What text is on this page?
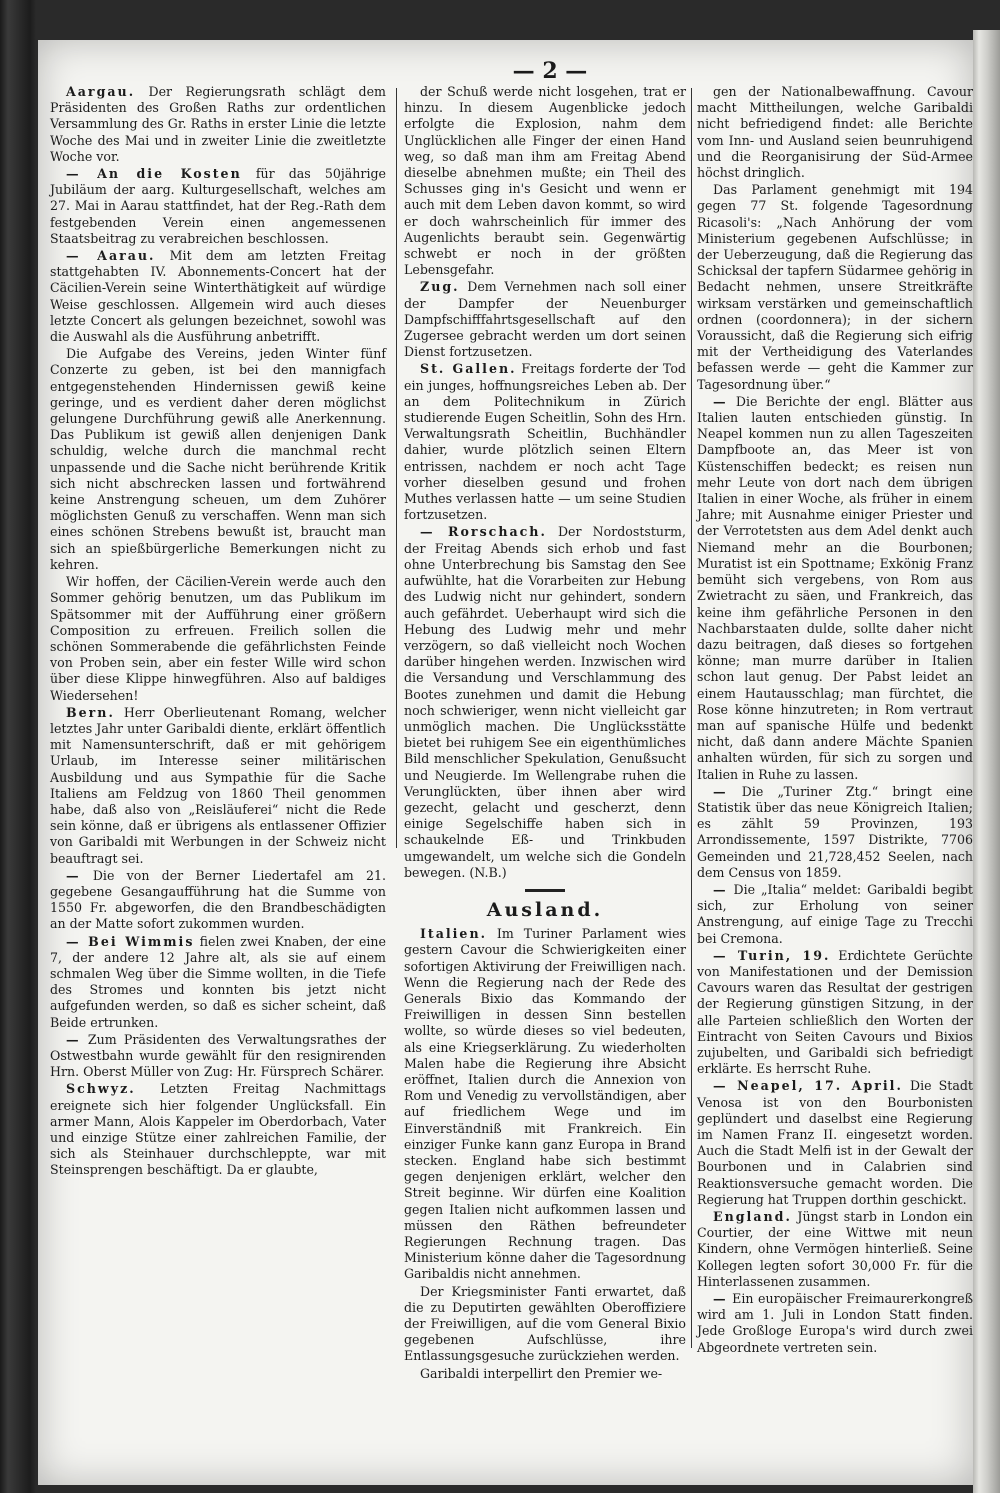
— 2 —

Aargau. Der Regierungsrath schlägt dem Präsidenten des Großen Raths zur ordentlichen Versammlung des Gr. Raths in erster Linie die letzte Woche des Mai und in zweiter Linie die zweitletzte Woche vor.

— An die Kosten für das 50jährige Jubiläum der aarg. Kulturgesellschaft, welches am 27. Mai in Aarau stattfindet, hat der Reg.-Rath dem festgebenden Verein einen angemessenen Staatsbeitrag zu verabreichen beschlossen.

— Aarau. Mit dem am letzten Freitag stattgehabten IV. Abonnements-Concert hat der Cäcilien-Verein seine Winterthätigkeit auf würdige Weise geschlossen. Allgemein wird auch dieses letzte Concert als gelungen bezeichnet, sowohl was die Auswahl als die Ausführung anbetrifft.

Die Aufgabe des Vereins, jeden Winter fünf Conzerte zu geben, ist bei den mannigfach entgegenstehenden Hindernissen gewiß keine geringe, und es verdient daher deren möglichst gelungene Durchführung gewiß alle Anerkennung. Das Publikum ist gewiß allen denjenigen Dank schuldig, welche durch die manchmal recht unpassende und die Sache nicht berührende Kritik sich nicht abschrecken lassen und fortwährend keine Anstrengung scheuen, um dem Zuhörer möglichsten Genuß zu verschaffen. Wenn man sich eines schönen Strebens bewußt ist, braucht man sich an spießbürgerliche Bemerkungen nicht zu kehren.

Wir hoffen, der Cäcilien-Verein werde auch den Sommer gehörig benutzen, um das Publikum im Spätsommer mit der Aufführung einer größern Composition zu erfreuen. Freilich sollen die schönen Sommerabende die gefährlichsten Feinde von Proben sein, aber ein fester Wille wird schon über diese Klippe hinwegführen. Also auf baldiges Wiedersehen!

Bern. Herr Oberlieutenant Romang, welcher letztes Jahr unter Garibaldi diente, erklärt öffentlich mit Namensunterschrift, daß er mit gehörigem Urlaub, im Interesse seiner militärischen Ausbildung und aus Sympathie für die Sache Italiens am Feldzug von 1860 Theil genommen habe, daß also von „Reisläuferei“ nicht die Rede sein könne, daß er übrigens als entlassener Offizier von Garibaldi mit Werbungen in der Schweiz nicht beauftragt sei.

— Die von der Berner Liedertafel am 21. gegebene Gesangaufführung hat die Summe von 1550 Fr. abgeworfen, die den Brandbeschädigten an der Matte sofort zukommen wurden.

— Bei Wimmis fielen zwei Knaben, der eine 7, der andere 12 Jahre alt, als sie auf einem schmalen Weg über die Simme wollten, in die Tiefe des Stromes und konnten bis jetzt nicht aufgefunden werden, so daß es sicher scheint, daß Beide ertrunken.

— Zum Präsidenten des Verwaltungsrathes der Ostwestbahn wurde gewählt für den resignirenden Hrn. Oberst Müller von Zug: Hr. Fürsprech Schärer.

Schwyz. Letzten Freitag Nachmittags ereignete sich hier folgender Unglücksfall. Ein armer Mann, Alois Kappeler im Oberdorbach, Vater und einzige Stütze einer zahlreichen Familie, der sich als Steinhauer durchschleppte, war mit Steinsprengen beschäftigt. Da er glaubte,

der Schuß werde nicht losgehen, trat er hinzu. In diesem Augenblicke jedoch erfolgte die Explosion, nahm dem Unglücklichen alle Finger der einen Hand weg, so daß man ihm am Freitag Abend dieselbe abnehmen mußte; ein Theil des Schusses ging in's Gesicht und wenn er auch mit dem Leben davon kommt, so wird er doch wahrscheinlich für immer des Augenlichts beraubt sein. Gegenwärtig schwebt er noch in der größten Lebensgefahr.

Zug. Dem Vernehmen nach soll einer der Dampfer der Neuenburger Dampfschifffahrtsgesellschaft auf den Zugersee gebracht werden um dort seinen Dienst fortzusetzen.

St. Gallen. Freitags forderte der Tod ein junges, hoffnungsreiches Leben ab. Der an dem Politechnikum in Zürich studierende Eugen Scheitlin, Sohn des Hrn. Verwaltungsrath Scheitlin, Buchhändler dahier, wurde plötzlich seinen Eltern entrissen, nachdem er noch acht Tage vorher dieselben gesund und frohen Muthes verlassen hatte — um seine Studien fortzusetzen.

— Rorschach. Der Nordoststurm, der Freitag Abends sich erhob und fast ohne Unterbrechung bis Samstag den See aufwühlte, hat die Vorarbeiten zur Hebung des Ludwig nicht nur gehindert, sondern auch gefährdet. Ueberhaupt wird sich die Hebung des Ludwig mehr und mehr verzögern, so daß vielleicht noch Wochen darüber hingehen werden. Inzwischen wird die Versandung und Verschlammung des Bootes zunehmen und damit die Hebung noch schwieriger, wenn nicht vielleicht gar unmöglich machen. Die Unglücksstätte bietet bei ruhigem See ein eigenthümliches Bild menschlicher Spekulation, Genußsucht und Neugierde. Im Wellengrabe ruhen die Verunglückten, über ihnen aber wird gezecht, gelacht und gescherzt, denn einige Segelschiffe haben sich in schaukelnde Eß- und Trinkbuden umgewandelt, um welche sich die Gondeln bewegen. (N.B.)

Ausland.

Italien. Im Turiner Parlament wies gestern Cavour die Schwierigkeiten einer sofortigen Aktivirung der Freiwilligen nach. Wenn die Regierung nach der Rede des Generals Bixio das Kommando der Freiwilligen in dessen Sinn bestellen wollte, so würde dieses so viel bedeuten, als eine Kriegserklärung. Zu wiederholten Malen habe die Regierung ihre Absicht eröffnet, Italien durch die Annexion von Rom und Venedig zu vervollständigen, aber auf friedlichem Wege und im Einverständniß mit Frankreich. Ein einziger Funke kann ganz Europa in Brand stecken. England habe sich bestimmt gegen denjenigen erklärt, welcher den Streit beginne. Wir dürfen eine Koalition gegen Italien nicht aufkommen lassen und müssen den Räthen befreundeter Regierungen Rechnung tragen. Das Ministerium könne daher die Tagesordnung Garibaldis nicht annehmen.

Der Kriegsminister Fanti erwartet, daß die zu Deputirten gewählten Oberoffiziere der Freiwilligen, auf die vom General Bixio gegebenen Aufschlüsse, ihre Entlassungsgesuche zurückziehen werden.

Garibaldi interpellirt den Premier we-

gen der Nationalbewaffnung. Cavour macht Mittheilungen, welche Garibaldi nicht befriedigend findet: alle Berichte vom Inn- und Ausland seien beunruhigend und die Reorganisirung der Süd-Armee höchst dringlich.

Das Parlament genehmigt mit 194 gegen 77 St. folgende Tagesordnung Ricasoli's: „Nach Anhörung der vom Ministerium gegebenen Aufschlüsse; in der Ueberzeugung, daß die Regierung das Schicksal der tapfern Südarmee gehörig in Bedacht nehmen, unsere Streitkräfte wirksam verstärken und gemeinschaftlich ordnen (coordonnera); in der sichern Voraussicht, daß die Regierung sich eifrig mit der Vertheidigung des Vaterlandes befassen werde — geht die Kammer zur Tagesordnung über.“

— Die Berichte der engl. Blätter aus Italien lauten entschieden günstig. In Neapel kommen nun zu allen Tageszeiten Dampfboote an, das Meer ist von Küstenschiffen bedeckt; es reisen nun mehr Leute von dort nach dem übrigen Italien in einer Woche, als früher in einem Jahre; mit Ausnahme einiger Priester und der Verrotetsten aus dem Adel denkt auch Niemand mehr an die Bourbonen; Muratist ist ein Spottname; Exkönig Franz bemüht sich vergebens, von Rom aus Zwietracht zu säen, und Frankreich, das keine ihm gefährliche Personen in den Nachbarstaaten dulde, sollte daher nicht dazu beitragen, daß dieses so fortgehen könne; man murre darüber in Italien schon laut genug. Der Pabst leidet an einem Hautausschlag; man fürchtet, die Rose könne hinzutreten; in Rom vertraut man auf spanische Hülfe und bedenkt nicht, daß dann andere Mächte Spanien anhalten würden, für sich zu sorgen und Italien in Ruhe zu lassen.

— Die „Turiner Ztg.“ bringt eine Statistik über das neue Königreich Italien; es zählt 59 Provinzen, 193 Arrondissemente, 1597 Distrikte, 7706 Gemeinden und 21,728,452 Seelen, nach dem Census von 1859.

— Die „Italia“ meldet: Garibaldi begibt sich, zur Erholung von seiner Anstrengung, auf einige Tage zu Trecchi bei Cremona.

— Turin, 19. Erdichtete Gerüchte von Manifestationen und der Demission Cavours waren das Resultat der gestrigen der Regierung günstigen Sitzung, in der alle Parteien schließlich den Worten der Eintracht von Seiten Cavours und Bixios zujubelten, und Garibaldi sich befriedigt erklärte. Es herrscht Ruhe.

— Neapel, 17. April. Die Stadt Venosa ist von den Bourbonisten geplündert und daselbst eine Regierung im Namen Franz II. eingesetzt worden. Auch die Stadt Melfi ist in der Gewalt der Bourbonen und in Calabrien sind Reaktionsversuche gemacht worden. Die Regierung hat Truppen dorthin geschickt.

England. Jüngst starb in London ein Courtier, der eine Wittwe mit neun Kindern, ohne Vermögen hinterließ. Seine Kollegen legten sofort 30,000 Fr. für die Hinterlassenen zusammen.

— Ein europäischer Freimaurerkongreß wird am 1. Juli in London Statt finden. Jede Großloge Europa's wird durch zwei Abgeordnete vertreten sein.
